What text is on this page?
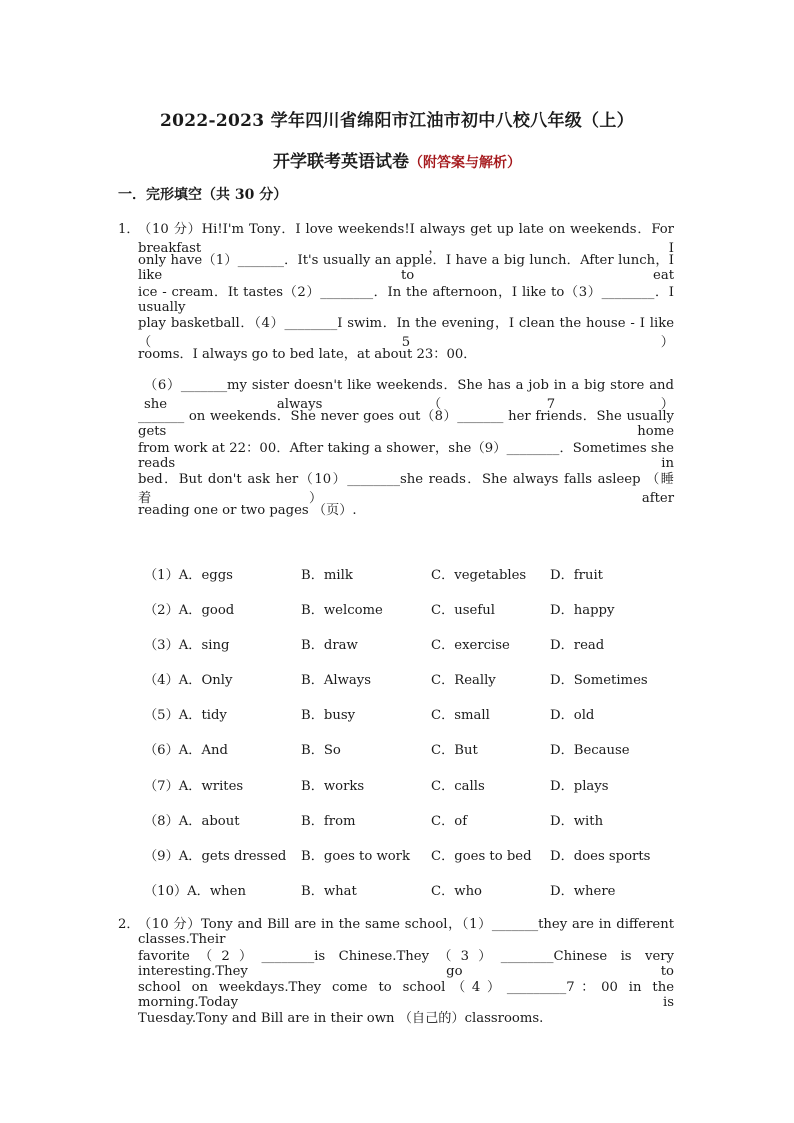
2022-2023 学年四川省绵阳市江油市初中八校八年级（上）
开学联考英语试卷（附答案与解析）
一．完形填空（共 30 分）
1．
（10 分）Hi!I'm Tony．I love weekends!I always get up late on weekends．For breakfast，I
only have（1）_______．It's usually an apple．I have a big lunch．After lunch，I like to eat
ice - cream．It tastes（2）________．In the afternoon，I like to（3）________．I usually
play basketball．（4）________I swim．In the evening，I clean the house - I like （5）
rooms．I always go to bed late，at about 23：00．
（6）_______my sister doesn't like weekends．She has a job in a big store and she always（7）
_______ on weekends．She never goes out（8）_______ her friends．She usually gets home
from work at 22：00．After taking a shower，she（9）________．Sometimes she reads in
bed．But don't ask her（10）________she reads．She always falls asleep （睡着） after
reading one or two pages （页）.
（1）A．eggs	B．milk	C．vegetables D．fruit
（2）A．good	B．welcome	C．useful	D．happy
（3）A．sing	B．draw	C．exercise	D．read
（4）A．Only	B．Always	C．Really	D．Sometimes
（5）A．tidy	B．busy	C．small	D．old
（6）A．And	B．So	C．But	D．Because
（7）A．writes	B．works	C．calls	D．plays
（8）A．about	B．from	C．of	D．with
（9）A．gets dressed B．goes to work C．goes to bed D．does sports
（10）A．when	B．what	C．who	D．where
2．
（10 分）Tony and Bill are in the same school，（1）_______they are in different classes.Their
favorite（2）________is Chinese.They（3）________Chinese is very interesting.They go to
school on weekdays.They come to school（4）_________7：00 in the morning.Today is
Tuesday.Tony and Bill are in their own （自己的）classrooms.
